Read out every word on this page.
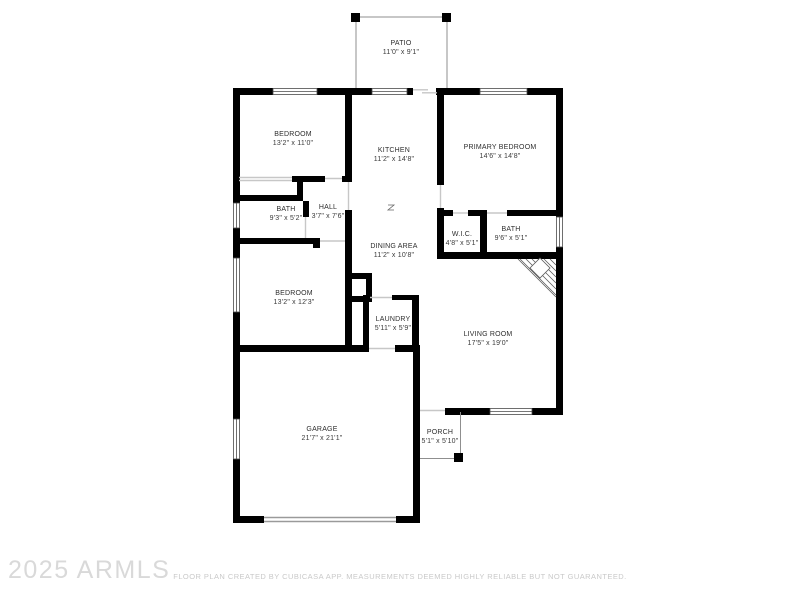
PATIO
11'0" x 9'1"
BEDROOM
13'2" x 11'0"
KITCHEN
11'2" x 14'8"
PRIMARY BEDROOM
14'6" x 14'8"
BATH
9'3" x 5'2"
HALL
3'7" x 7'6"
W.I.C.
4'8" x 5'1"
BATH
9'6" x 5'1"
DINING AREA
11'2" x 10'8"
BEDROOM
13'2" x 12'3"
LAUNDRY
5'11" x 5'9"
LIVING ROOM
17'5" x 19'0"
GARAGE
21'7" x 21'1"
PORCH
5'1" x 5'10"
2025 ARMLS FLOOR PLAN CREATED BY CUBICASA APP. MEASUREMENTS DEEMED HIGHLY RELIABLE BUT NOT GUARANTEED.
